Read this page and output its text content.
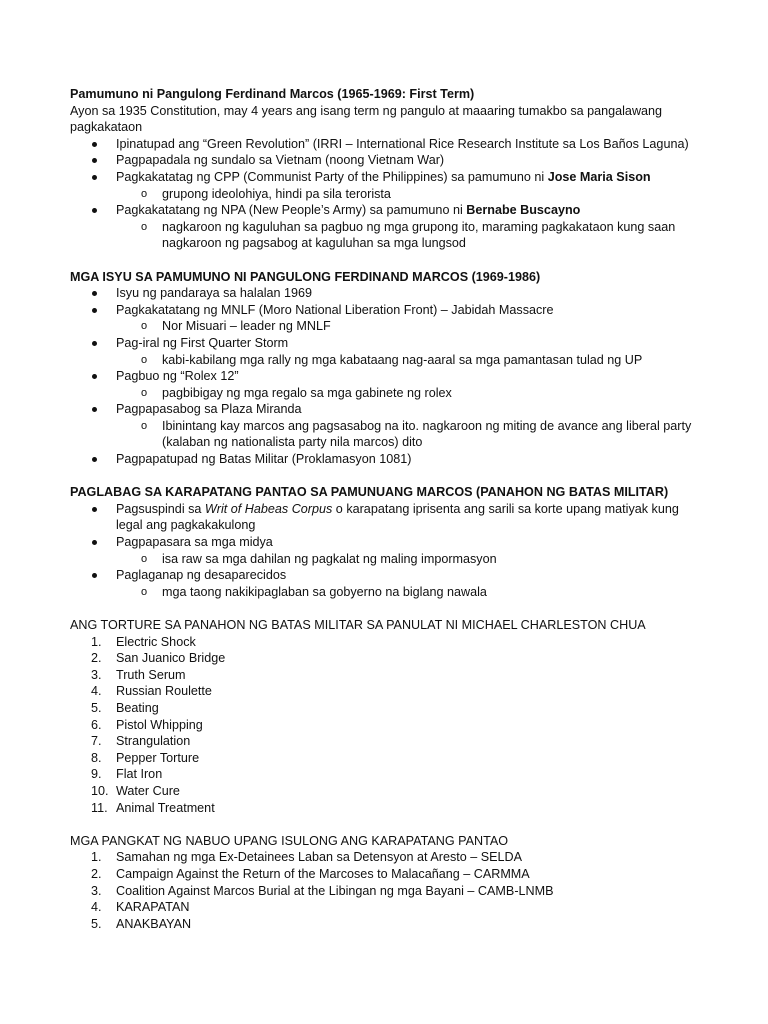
Pamumuno ni Pangulong Ferdinand Marcos (1965-1969: First Term)
Ayon sa 1935 Constitution, may 4 years ang isang term ng pangulo at maaaring tumakbo sa pangalawang pagkakataon
Ipinatupad ang “Green Revolution” (IRRI – International Rice Research Institute sa Los Baños Laguna)
Pagpapadala ng sundalo sa Vietnam (noong Vietnam War)
Pagkakatatag ng CPP (Communist Party of the Philippines) sa pamumuno ni Jose Maria Sison
o grupong ideolohiya, hindi pa sila terorista
Pagkakatatang ng NPA (New People’s Army) sa pamumuno ni Bernabe Buscayno
o nagkaroon ng kaguluhan sa pagbuo ng mga grupong ito, maraming pagkakataon kung saan nagkaroon ng pagsabog at kaguluhan sa mga lungsod
MGA ISYU SA PAMUMUNO NI PANGULONG FERDINAND MARCOS (1969-1986)
Isyu ng pandaraya sa halalan 1969
Pagkakatatang ng MNLF (Moro National Liberation Front) – Jabidah Massacre
o Nor Misuari – leader ng MNLF
Pag-iral ng First Quarter Storm
o kabi-kabilang mga rally ng mga kabataang nag-aaral sa mga pamantasan tulad ng UP
Pagbuo ng “Rolex 12”
o pagbibigay ng mga regalo sa mga gabinete ng rolex
Pagpapasabog sa Plaza Miranda
o Ibinintang kay marcos ang pagsasabog na ito. nagkaroon ng miting de avance ang liberal party (kalaban ng nationalista party nila marcos) dito
Pagpapatupad ng Batas Militar (Proklamasyon 1081)
PAGLABAG SA KARAPATANG PANTAO SA PAMUNUANG MARCOS (PANAHON NG BATAS MILITAR)
Pagsuspindi sa Writ of Habeas Corpus o karapatang iprisenta ang sarili sa korte upang matiyak kung legal ang pagkakakulong
Pagpapasara sa mga midya
o isa raw sa mga dahilan ng pagkalat ng maling impormasyon
Paglaganap ng desaparecidos
o mga taong nakikipaglaban sa gobyerno na biglang nawala
ANG TORTURE SA PANAHON NG BATAS MILITAR SA PANULAT NI MICHAEL CHARLESTON CHUA
1. Electric Shock
2. San Juanico Bridge
3. Truth Serum
4. Russian Roulette
5. Beating
6. Pistol Whipping
7. Strangulation
8. Pepper Torture
9. Flat Iron
10. Water Cure
11. Animal Treatment
MGA PANGKAT NG NABUO UPANG ISULONG ANG KARAPATANG PANTAO
1. Samahan ng mga Ex-Detainees Laban sa Detensyon at Aresto – SELDA
2. Campaign Against the Return of the Marcoses to Malacañang – CARMMA
3. Coalition Against Marcos Burial at the Libingan ng mga Bayani – CAMB-LNMB
4. KARAPATAN
5. ANAKBAYAN
